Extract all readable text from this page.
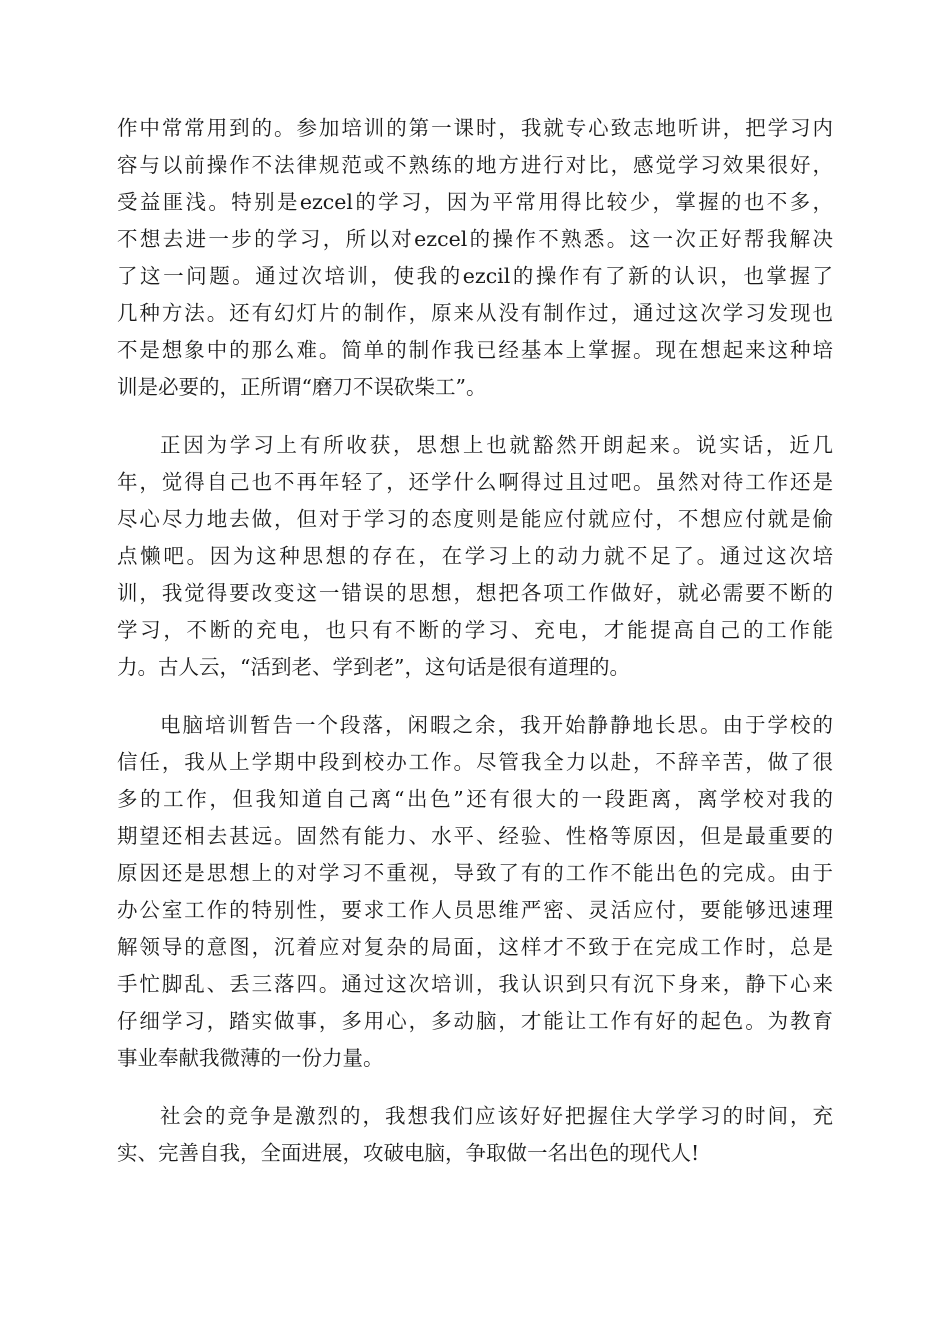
作中常常用到的。参加培训的第一课时，我就专心致志地听讲，把学习内
容与以前操作不法律规范或不熟练的地方进行对比，感觉学习效果很好，
受益匪浅。特别是ezcel的学习，因为平常用得比较少，掌握的也不多，
不想去进一步的学习，所以对ezcel的操作不熟悉。这一次正好帮我解决
了这一问题。通过次培训，使我的ezcil的操作有了新的认识，也掌握了
几种方法。还有幻灯片的制作，原来从没有制作过，通过这次学习发现也
不是想象中的那么难。简单的制作我已经基本上掌握。现在想起来这种培
训是必要的，正所谓“磨刀不误砍柴工”。

正因为学习上有所收获，思想上也就豁然开朗起来。说实话，近几
年，觉得自己也不再年轻了，还学什么啊得过且过吧。虽然对待工作还是
尽心尽力地去做，但对于学习的态度则是能应付就应付，不想应付就是偷
点懒吧。因为这种思想的存在，在学习上的动力就不足了。通过这次培
训，我觉得要改变这一错误的思想，想把各项工作做好，就必需要不断的
学习，不断的充电，也只有不断的学习、充电，才能提高自己的工作能
力。古人云，“活到老、学到老”，这句话是很有道理的。

电脑培训暂告一个段落，闲暇之余，我开始静静地长思。由于学校的
信任，我从上学期中段到校办工作。尽管我全力以赴，不辞辛苦，做了很
多的工作，但我知道自己离“出色”还有很大的一段距离，离学校对我的
期望还相去甚远。固然有能力、水平、经验、性格等原因，但是最重要的
原因还是思想上的对学习不重视，导致了有的工作不能出色的完成。由于
办公室工作的特别性，要求工作人员思维严密、灵活应付，要能够迅速理
解领导的意图，沉着应对复杂的局面，这样才不致于在完成工作时，总是
手忙脚乱、丢三落四。通过这次培训，我认识到只有沉下身来，静下心来
仔细学习，踏实做事，多用心，多动脑，才能让工作有好的起色。为教育
事业奉献我微薄的一份力量。

社会的竞争是激烈的，我想我们应该好好把握住大学学习的时间，充
实、完善自我，全面进展，攻破电脑，争取做一名出色的现代人!
